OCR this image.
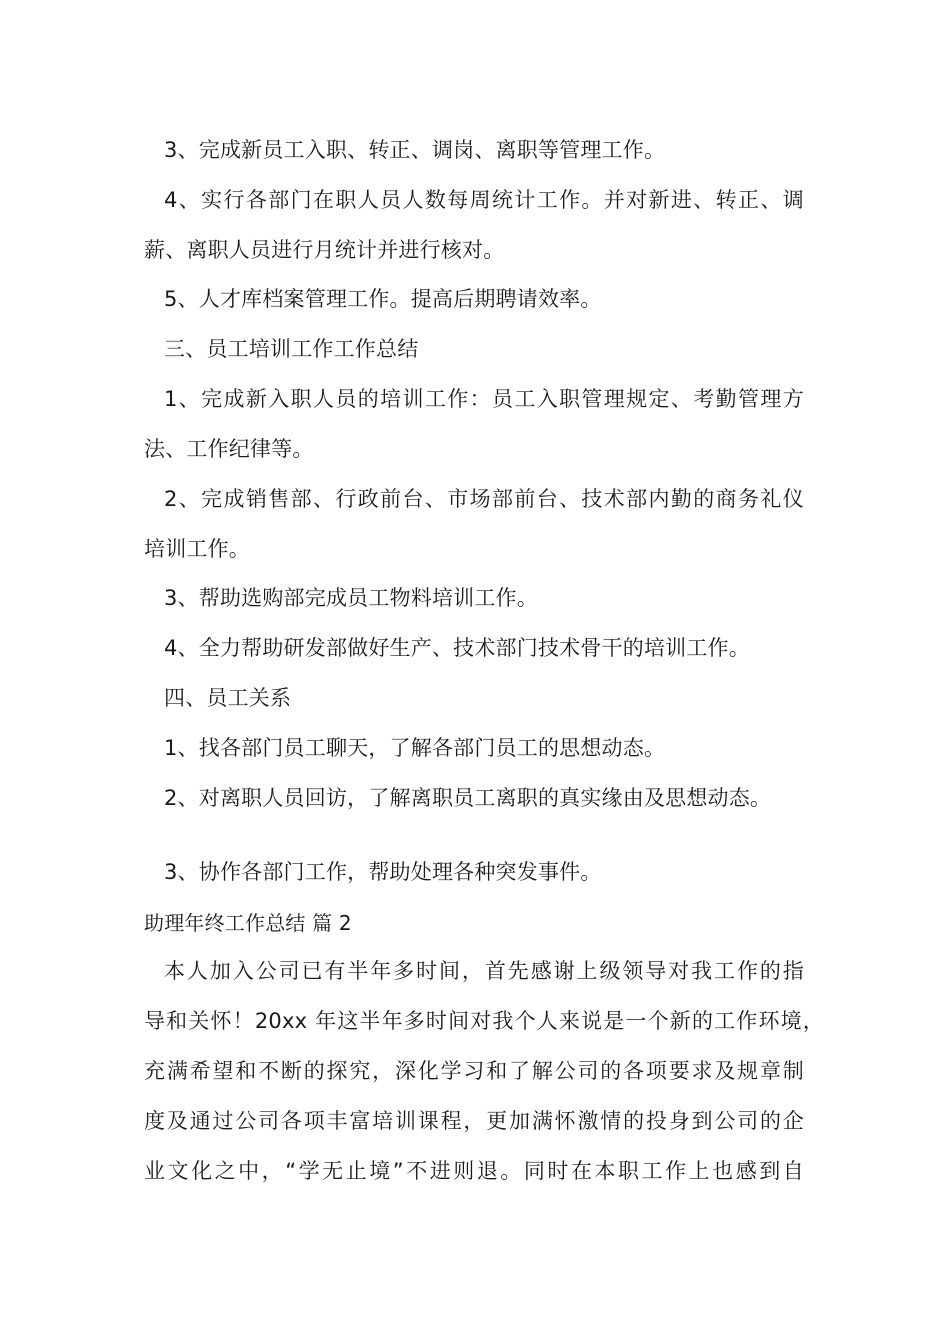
3、完成新员工入职、转正、调岗、离职等管理工作。
4、实行各部门在职人员人数每周统计工作。并对新进、转正、调
薪、离职人员进行月统计并进行核对。
5、人才库档案管理工作。提高后期聘请效率。
三、员工培训工作工作总结
1、完成新入职人员的培训工作：员工入职管理规定、考勤管理方
法、工作纪律等。
2、完成销售部、行政前台、市场部前台、技术部内勤的商务礼仪
培训工作。
3、帮助选购部完成员工物料培训工作。
4、全力帮助研发部做好生产、技术部门技术骨干的培训工作。
四、员工关系
1、找各部门员工聊天，了解各部门员工的思想动态。
2、对离职人员回访，了解离职员工离职的真实缘由及思想动态。
3、协作各部门工作，帮助处理各种突发事件。
助理年终工作总结 篇 2
本人加入公司已有半年多时间，首先感谢上级领导对我工作的指
导和关怀！20xx 年这半年多时间对我个人来说是一个新的工作环境，
充满希望和不断的探究，深化学习和了解公司的各项要求及规章制
度及通过公司各项丰富培训课程，更加满怀激情的投身到公司的企
业文化之中，“学无止境”不进则退。同时在本职工作上也感到自
